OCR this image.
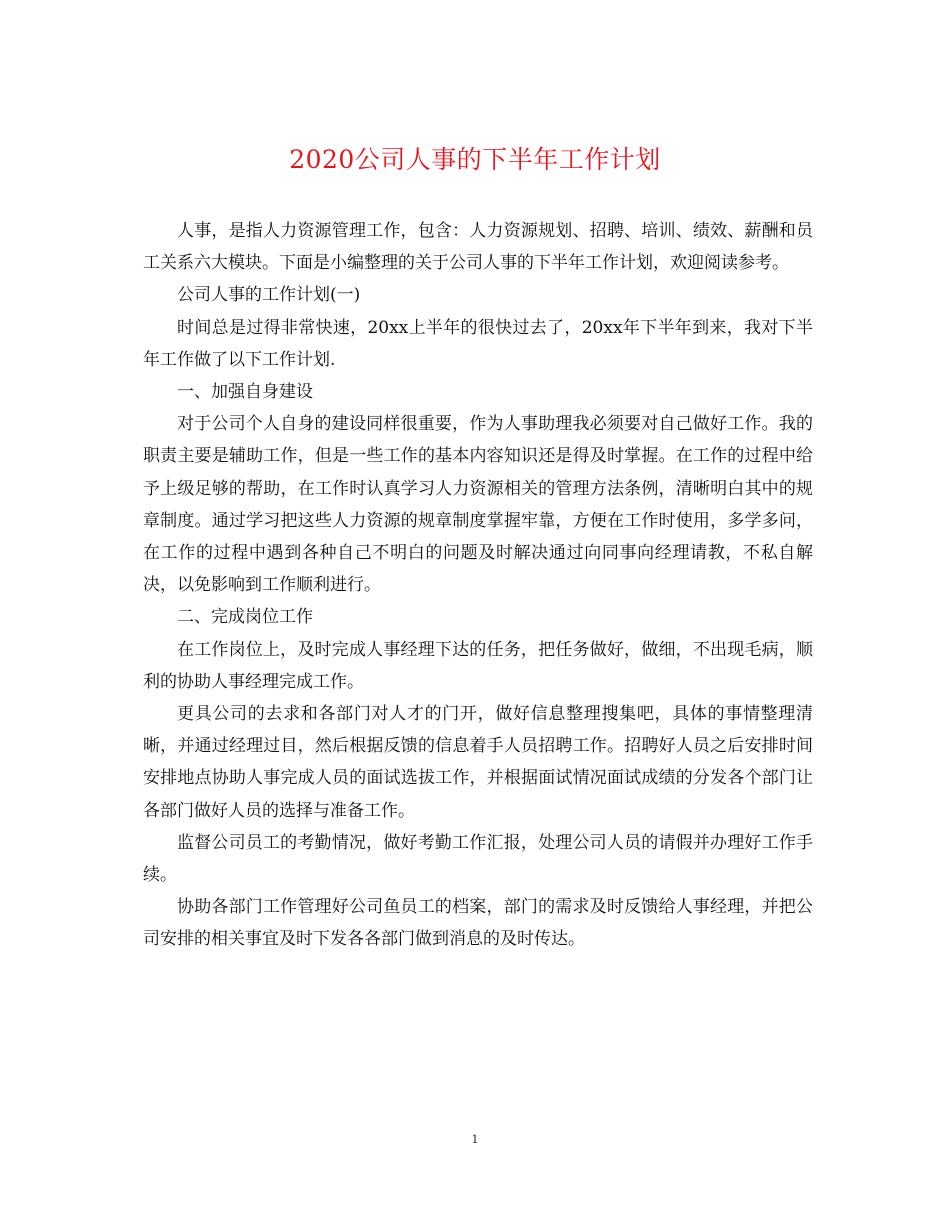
2020公司人事的下半年工作计划

人事，是指人力资源管理工作，包含：人力资源规划、招聘、培训、绩效、薪酬和员工关系六大模块。下面是小编整理的关于公司人事的下半年工作计划，欢迎阅读参考。

公司人事的工作计划(一)

时间总是过得非常快速，20xx上半年的很快过去了，20xx年下半年到来，我对下半年工作做了以下工作计划.

一、加强自身建设

对于公司个人自身的建设同样很重要，作为人事助理我必须要对自己做好工作。我的职责主要是辅助工作，但是一些工作的基本内容知识还是得及时掌握。在工作的过程中给予上级足够的帮助，在工作时认真学习人力资源相关的管理方法条例，清晰明白其中的规章制度。通过学习把这些人力资源的规章制度掌握牢靠，方便在工作时使用，多学多问，在工作的过程中遇到各种自己不明白的问题及时解决通过向同事向经理请教，不私自解决，以免影响到工作顺利进行。

二、完成岗位工作

在工作岗位上，及时完成人事经理下达的任务，把任务做好，做细，不出现毛病，顺利的协助人事经理完成工作。

更具公司的去求和各部门对人才的门开，做好信息整理搜集吧，具体的事情整理清晰，并通过经理过目，然后根据反馈的信息着手人员招聘工作。招聘好人员之后安排时间安排地点协助人事完成人员的面试选拔工作，并根据面试情况面试成绩的分发各个部门让各部门做好人员的选择与准备工作。

监督公司员工的考勤情况，做好考勤工作汇报，处理公司人员的请假并办理好工作手续。

协助各部门工作管理好公司鱼员工的档案，部门的需求及时反馈给人事经理，并把公司安排的相关事宜及时下发各各部门做到消息的及时传达。

1
